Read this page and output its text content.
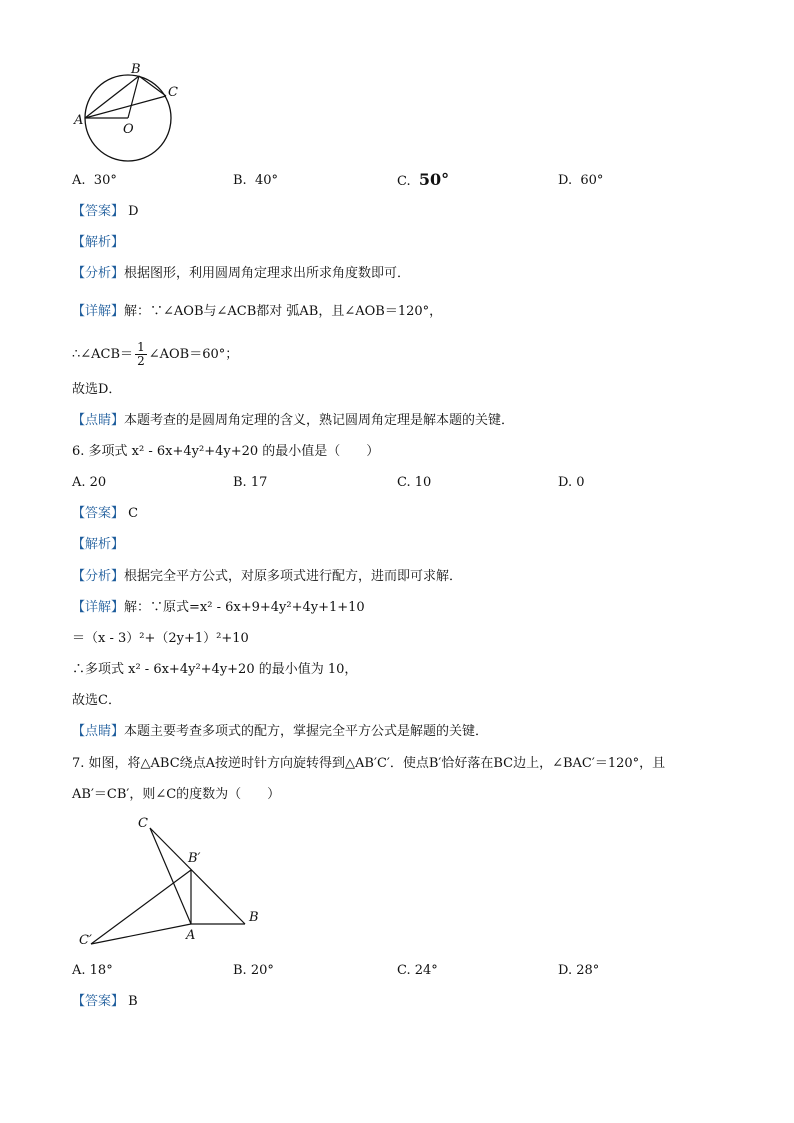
A
B
C
O
A. 30°	B. 40°	C. 50°	D. 60°
【答案】 D
【解析】
【分析】根据图形，利用圆周角定理求出所求角度数即可．
【详解】解：∵∠AOB与∠ACB都对 弧AB，且∠AOB＝120°，
∴∠ACB＝ $\frac{1}{2}$ ∠AOB＝60°；
故选D．
【点睛】本题考查的是圆周角定理的含义，熟记圆周角定理是解本题的关键．
6. 多项式 x² - 6x+4y²+4y+20 的最小值是（　　）
A. 20	B. 17	C. 10	D. 0
【答案】 C
【解析】
【分析】根据完全平方公式，对原多项式进行配方，进而即可求解．
【详解】解：∵原式=x² - 6x+9+4y²+4y+1+10
＝（x - 3）²+（2y+1）²+10
∴多项式 x² - 6x+4y²+4y+20 的最小值为 10，
故选C．
【点睛】本题主要考查多项式的配方，掌握完全平方公式是解题的关键．
7. 如图，将△ABC绕点A按逆时针方向旋转得到△AB′C′．使点B′恰好落在BC边上，∠BAC′＝120°，且
AB′＝CB′，则∠C的度数为（　　）
C
B′
B
C′	A
A. 18°	B. 20°	C. 24°	D. 28°
【答案】 B
